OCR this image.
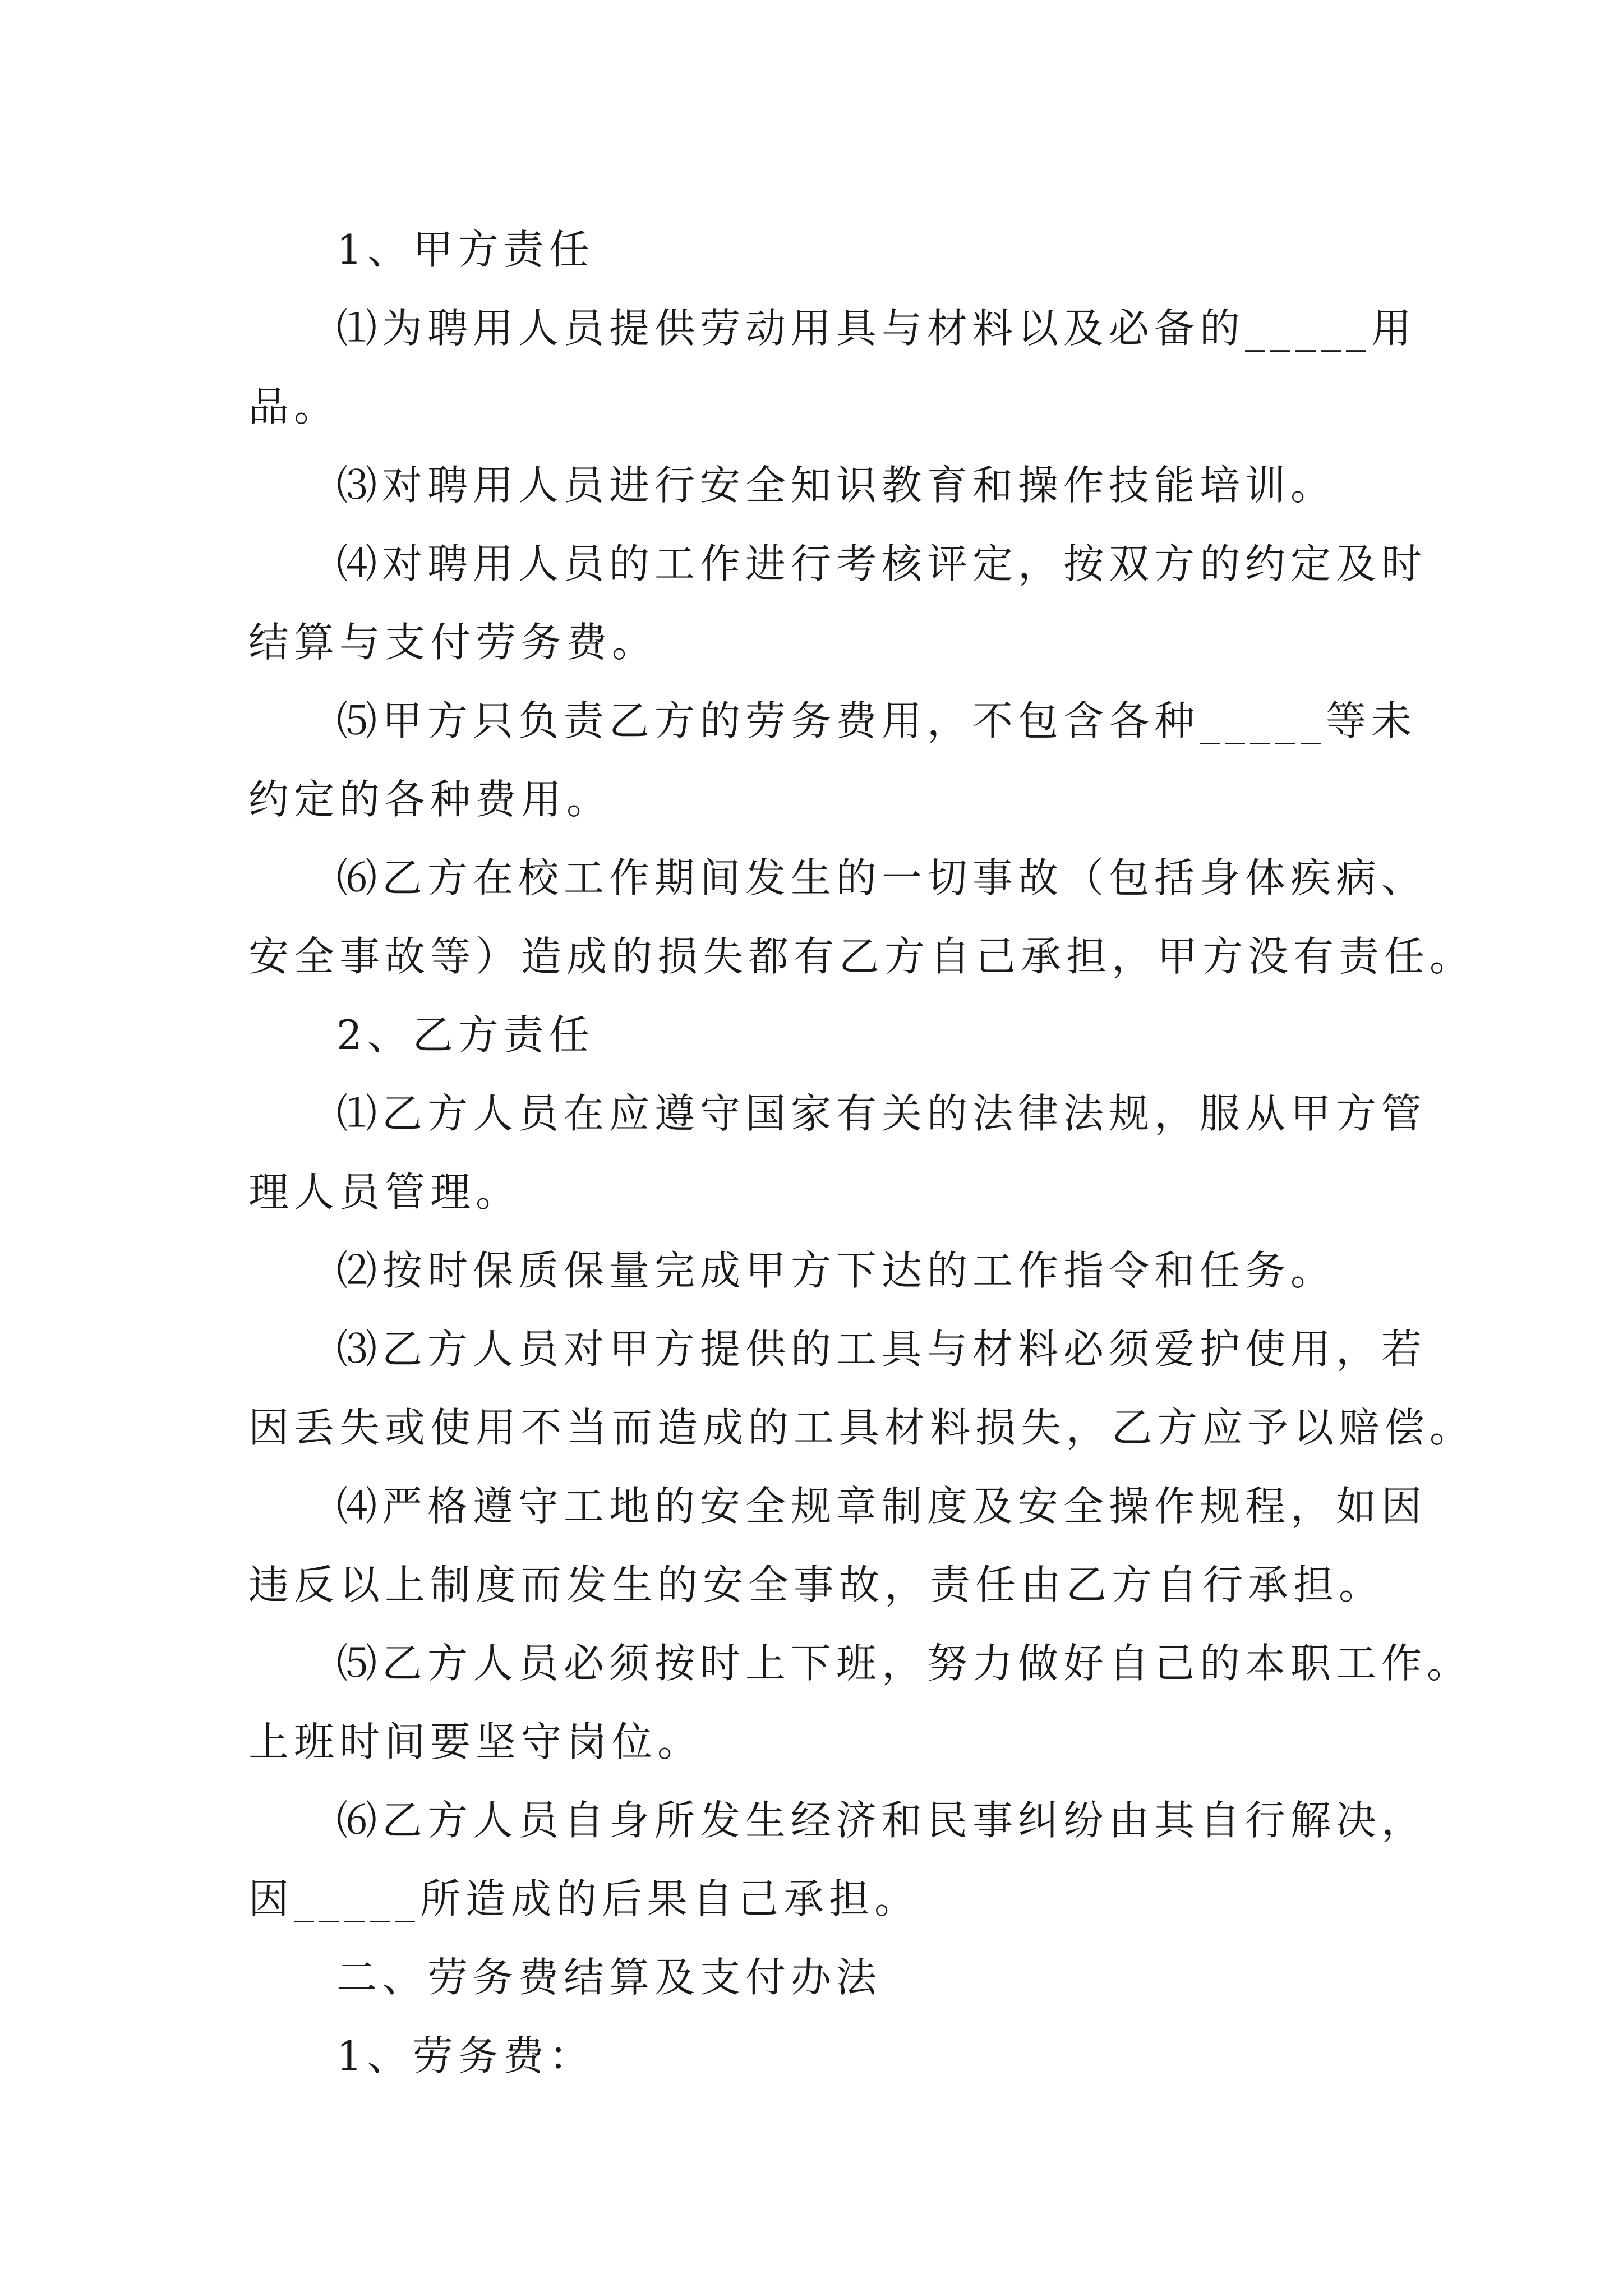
1、甲方责任

⑴为聘用人员提供劳动用具与材料以及必备的_____用

品。

⑶对聘用人员进行安全知识教育和操作技能培训。

⑷对聘用人员的工作进行考核评定，按双方的约定及时

结算与支付劳务费。

⑸甲方只负责乙方的劳务费用，不包含各种_____等未

约定的各种费用。

⑹乙方在校工作期间发生的一切事故（包括身体疾病、

安全事故等）造成的损失都有乙方自己承担，甲方没有责任。

2、乙方责任

⑴乙方人员在应遵守国家有关的法律法规，服从甲方管

理人员管理。

⑵按时保质保量完成甲方下达的工作指令和任务。

⑶乙方人员对甲方提供的工具与材料必须爱护使用，若

因丢失或使用不当而造成的工具材料损失，乙方应予以赔偿。

⑷严格遵守工地的安全规章制度及安全操作规程，如因

违反以上制度而发生的安全事故，责任由乙方自行承担。

⑸乙方人员必须按时上下班，努力做好自己的本职工作。

上班时间要坚守岗位。

⑹乙方人员自身所发生经济和民事纠纷由其自行解决，

因_____所造成的后果自己承担。

二、劳务费结算及支付办法

1、劳务费：
